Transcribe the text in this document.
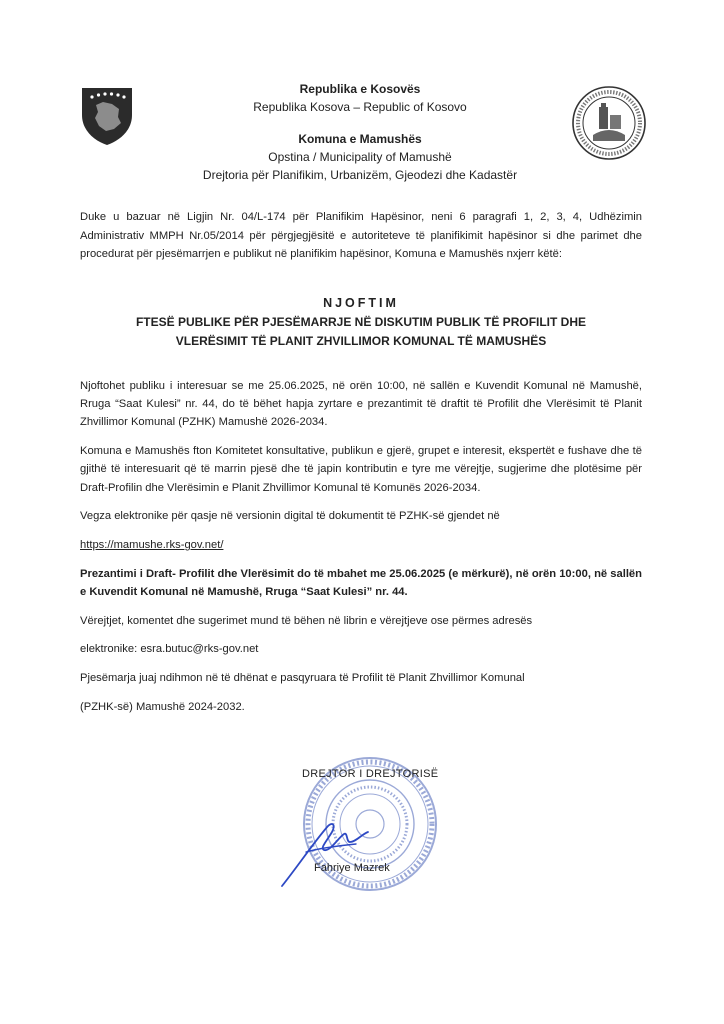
Republika e Kosovës
Republika Kosova – Republic of Kosovo
Komuna e Mamushës
Opstina / Municipality of Mamushë
Drejtoria për Planifikim, Urbanizëm, Gjeodezi dhe Kadastër
Duke u bazuar në Ligjin Nr. 04/L-174 për Planifikim Hapësinor, neni 6 paragrafi 1, 2, 3, 4, Udhëzimin Administrativ MMPH Nr.05/2014 për përgjegjësitë e autoriteteve të planifikimit hapësinor si dhe parimet dhe procedurat për pjesëmarrjen e publikut në planifikim hapësinor, Komuna e Mamushës nxjerr këtë:
NJOFTIM
FTESË PUBLIKE PËR PJESËMARRJE NË DISKUTIM PUBLIK TË PROFILIT DHE VLERËSIMIT TË PLANIT ZHVILLIMOR KOMUNAL TË MAMUSHËS

Njoftohet publiku i interesuar se me 25.06.2025, në orën 10:00, në sallën e Kuvendit Komunal në Mamushë, Rruga “Saat Kulesi” nr. 44, do të bëhet hapja zyrtare e prezantimit të draftit të Profilit dhe Vlerësimit të Planit Zhvillimor Komunal (PZHK) Mamushë 2026-2034.

Komuna e Mamushës fton Komitetet konsultative, publikun e gjerë, grupet e interesit, ekspertët e fushave dhe të gjithë të interesuarit që të marrin pjesë dhe të japin kontributin e tyre me vërejtje, sugjerime dhe plotësime për Draft-Profilin dhe Vlerësimin e Planit Zhvillimor Komunal të Komunës 2026-2034.

Vegza elektronike për qasje në versionin digital të dokumentit të PZHK-së gjendet në

https://mamushe.rks-gov.net/

Prezantimi i Draft- Profilit dhe Vlerësimit do të mbahet me 25.06.2025 (e mërkurë), në orën 10:00, në sallën e Kuvendit Komunal në Mamushë, Rruga “Saat Kulesi” nr. 44.

Vërejtjet, komentet dhe sugerimet mund të bëhen në librin e vërejtjeve ose përmes adresës

elektronike: esra.butuc@rks-gov.net

Pjesëmarja juaj ndihmon në të dhënat e pasqyruara të Profilit të Planit Zhvillimor Komunal

(PZHK-së) Mamushë 2024-2032.

DREJTOR I DREJTORISË
Fahriye Mazrek
